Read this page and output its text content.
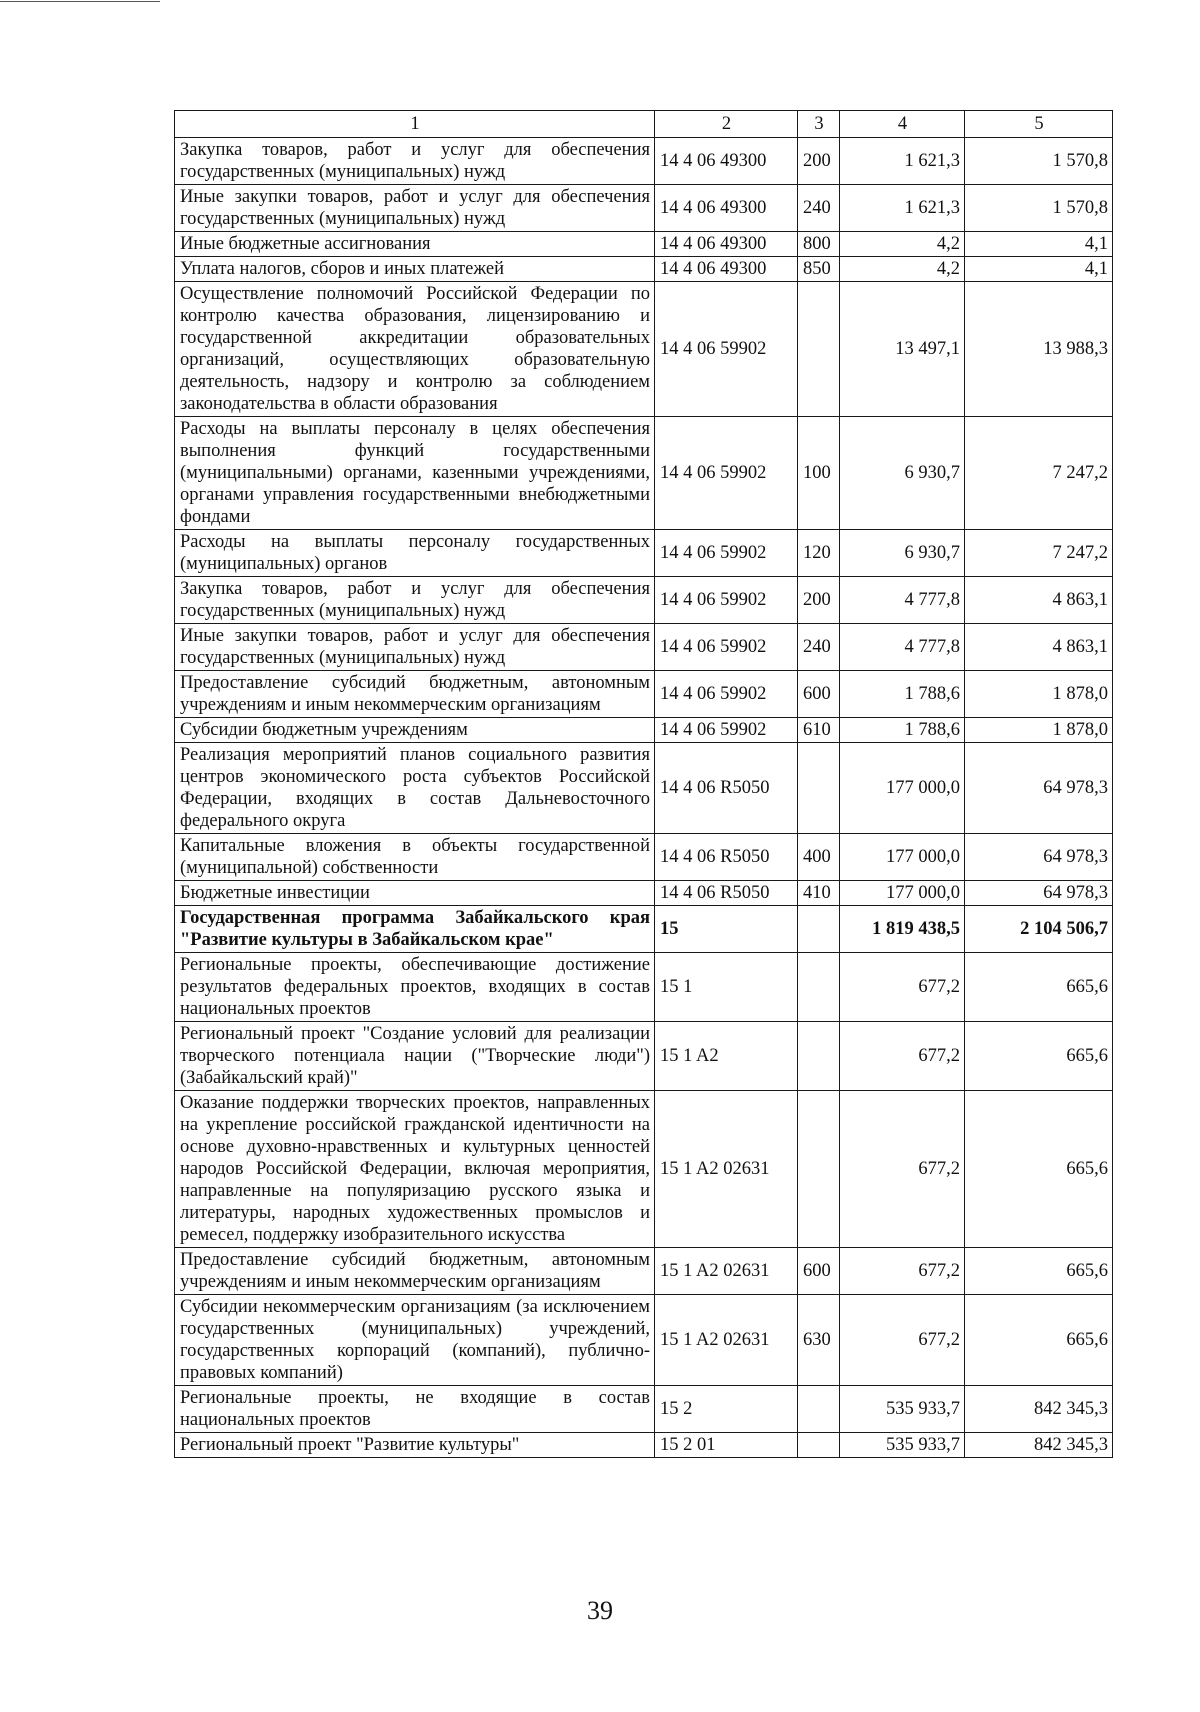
1	2	3	4	5
Закупка товаров, работ и услуг для обеспечения государственных (муниципальных) нужд	14 4 06 49300	200	1 621,3	1 570,8
Иные закупки товаров, работ и услуг для обеспечения государственных (муниципальных) нужд	14 4 06 49300	240	1 621,3	1 570,8
Иные бюджетные ассигнования	14 4 06 49300	800	4,2	4,1
Уплата налогов, сборов и иных платежей	14 4 06 49300	850	4,2	4,1
Осуществление полномочий Российской Федерации по контролю качества образования, лицензированию и государственной аккредитации образовательных организаций, осуществляющих образовательную деятельность, надзору и контролю за соблюдением законодательства в области образования	14 4 06 59902		13 497,1	13 988,3
Расходы на выплаты персоналу в целях обеспечения выполнения функций государственными (муниципальными) органами, казенными учреждениями, органами управления государственными внебюджетными фондами	14 4 06 59902	100	6 930,7	7 247,2
Расходы на выплаты персоналу государственных (муниципальных) органов	14 4 06 59902	120	6 930,7	7 247,2
Закупка товаров, работ и услуг для обеспечения государственных (муниципальных) нужд	14 4 06 59902	200	4 777,8	4 863,1
Иные закупки товаров, работ и услуг для обеспечения государственных (муниципальных) нужд	14 4 06 59902	240	4 777,8	4 863,1
Предоставление субсидий бюджетным, автономным учреждениям и иным некоммерческим организациям	14 4 06 59902	600	1 788,6	1 878,0
Субсидии бюджетным учреждениям	14 4 06 59902	610	1 788,6	1 878,0
Реализация мероприятий планов социального развития центров экономического роста субъектов Российской Федерации, входящих в состав Дальневосточного федерального округа	14 4 06 R5050		177 000,0	64 978,3
Капитальные вложения в объекты государственной (муниципальной) собственности	14 4 06 R5050	400	177 000,0	64 978,3
Бюджетные инвестиции	14 4 06 R5050	410	177 000,0	64 978,3
Государственная программа Забайкальского края "Развитие культуры в Забайкальском крае"	15		1 819 438,5	2 104 506,7
Региональные проекты, обеспечивающие достижение результатов федеральных проектов, входящих в состав национальных проектов	15 1		677,2	665,6
Региональный проект "Создание условий для реализации творческого потенциала нации ("Творческие люди") (Забайкальский край)"	15 1 A2		677,2	665,6
Оказание поддержки творческих проектов, направленных на укрепление российской гражданской идентичности на основе духовно-нравственных и культурных ценностей народов Российской Федерации, включая мероприятия, направленные на популяризацию русского языка и литературы, народных художественных промыслов и ремесел, поддержку изобразительного искусства	15 1 A2 02631		677,2	665,6
Предоставление субсидий бюджетным, автономным учреждениям и иным некоммерческим организациям	15 1 A2 02631	600	677,2	665,6
Субсидии некоммерческим организациям (за исключением государственных (муниципальных) учреждений, государственных корпораций (компаний), публично-правовых компаний)	15 1 A2 02631	630	677,2	665,6
Региональные проекты, не входящие в состав национальных проектов	15 2		535 933,7	842 345,3
Региональный проект "Развитие культуры"	15 2 01		535 933,7	842 345,3
39
